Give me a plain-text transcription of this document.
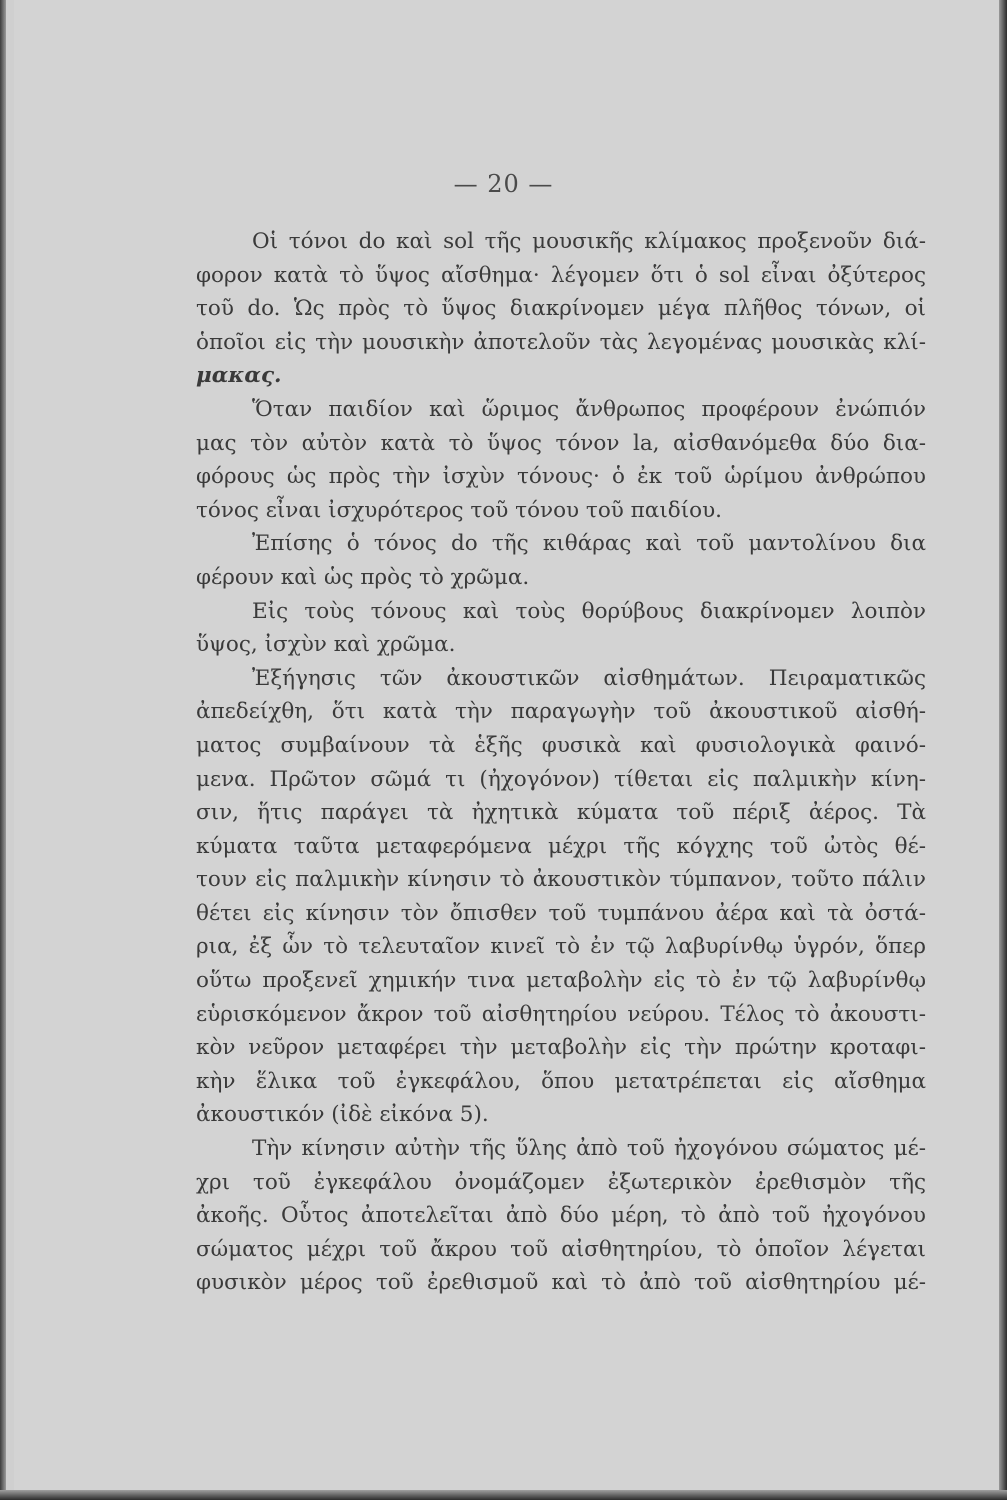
— 20 —
Οἱ τόνοι do καὶ sol τῆς μουσικῆς κλίμακος προξενοῦν διά-
φορον κατὰ τὸ ὕψος αἴσθημα· λέγομεν ὅτι ὁ sol εἶναι ὀξύτερος
τοῦ do. Ὡς πρὸς τὸ ὕψος διακρίνομεν μέγα πλῆθος τόνων, οἱ
ὁποῖοι εἰς τὴν μουσικὴν ἀποτελοῦν τὰς λεγομένας μουσικὰς κλί-
μακας.
Ὅταν παιδίον καὶ ὥριμος ἄνθρωπος προφέρουν ἐνώπιόν
μας τὸν αὐτὸν κατὰ τὸ ὕψος τόνον la, αἰσθανόμεθα δύο δια-
φόρους ὡς πρὸς τὴν ἰσχὺν τόνους· ὁ ἐκ τοῦ ὡρίμου ἀνθρώπου
τόνος εἶναι ἰσχυρότερος τοῦ τόνου τοῦ παιδίου.
Ἐπίσης ὁ τόνος do τῆς κιθάρας καὶ τοῦ μαντολίνου δια
φέρουν καὶ ὡς πρὸς τὸ χρῶμα.
Εἰς τοὺς τόνους καὶ τοὺς θορύβους διακρίνομεν λοιπὸν
ὕψος, ἰσχὺν καὶ χρῶμα.
Ἐξήγησις τῶν ἀκουστικῶν αἰσθημάτων. Πειραματικῶς
ἀπεδείχθη, ὅτι κατὰ τὴν παραγωγὴν τοῦ ἀκουστικοῦ αἰσθή-
ματος συμβαίνουν τὰ ἑξῆς φυσικὰ καὶ φυσιολογικὰ φαινό-
μενα. Πρῶτον σῶμά τι (ἠχογόνον) τίθεται εἰς παλμικὴν κίνη-
σιν, ἥτις παράγει τὰ ἠχητικὰ κύματα τοῦ πέριξ ἀέρος. Τὰ
κύματα ταῦτα μεταφερόμενα μέχρι τῆς κόγχης τοῦ ὠτὸς θέ-
τουν εἰς παλμικὴν κίνησιν τὸ ἀκουστικὸν τύμπανον, τοῦτο πάλιν
θέτει εἰς κίνησιν τὸν ὄπισθεν τοῦ τυμπάνου ἀέρα καὶ τὰ ὀστά-
ρια, ἐξ ὧν τὸ τελευταῖον κινεῖ τὸ ἐν τῷ λαβυρίνθῳ ὑγρόν, ὅπερ
οὕτω προξενεῖ χημικήν τινα μεταβολὴν εἰς τὸ ἐν τῷ λαβυρίνθῳ
εὑρισκόμενον ἄκρον τοῦ αἰσθητηρίου νεύρου. Τέλος τὸ ἀκουστι-
κὸν νεῦρον μεταφέρει τὴν μεταβολὴν εἰς τὴν πρώτην κροταφι-
κὴν ἕλικα τοῦ ἐγκεφάλου, ὅπου μετατρέπεται εἰς αἴσθημα
ἀκουστικόν (ἰδὲ εἰκόνα 5).
Τὴν κίνησιν αὐτὴν τῆς ὕλης ἀπὸ τοῦ ἠχογόνου σώματος μέ-
χρι τοῦ ἐγκεφάλου ὀνομάζομεν ἐξωτερικὸν ἐρεθισμὸν τῆς
ἀκοῆς. Οὗτος ἀποτελεῖται ἀπὸ δύο μέρη, τὸ ἀπὸ τοῦ ἠχογόνου
σώματος μέχρι τοῦ ἄκρου τοῦ αἰσθητηρίου, τὸ ὁποῖον λέγεται
φυσικὸν μέρος τοῦ ἐρεθισμοῦ καὶ τὸ ἀπὸ τοῦ αἰσθητηρίου μέ-
